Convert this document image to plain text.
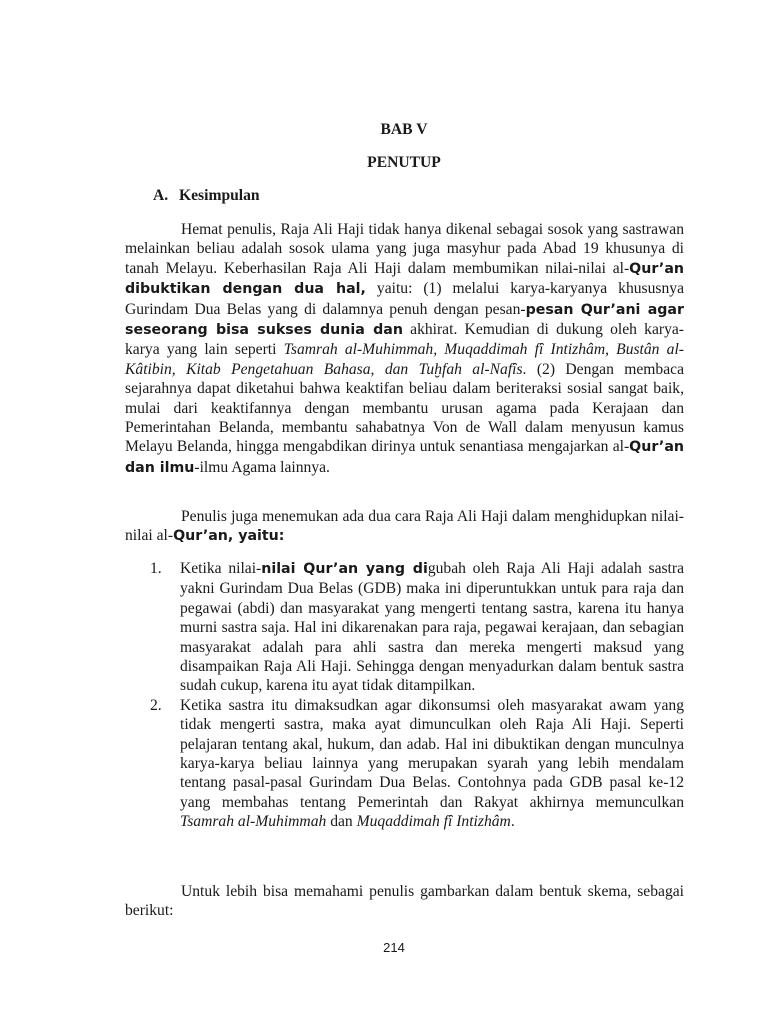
BAB V
PENUTUP
A. Kesimpulan

Hemat penulis, Raja Ali Haji tidak hanya dikenal sebagai sosok yang sastrawan melainkan beliau adalah sosok ulama yang juga masyhur pada Abad 19 khusunya di tanah Melayu. Keberhasilan Raja Ali Haji dalam membumikan nilai-nilai al-Qur’an dibuktikan dengan dua hal, yaitu: (1) melalui karya-karyanya khususnya Gurindam Dua Belas yang di dalamnya penuh dengan pesan-pesan Qur’ani agar seseorang bisa sukses dunia dan akhirat. Kemudian di dukung oleh karya-karya yang lain seperti Tsamrah al-Muhimmah, Muqaddimah fî Intizhâm, Bustân al-Kâtibin, Kitab Pengetahuan Bahasa, dan Tuḫfah al-Nafîs. (2) Dengan membaca sejarahnya dapat diketahui bahwa keaktifan beliau dalam beriteraksi sosial sangat baik, mulai dari keaktifannya dengan membantu urusan agama pada Kerajaan dan Pemerintahan Belanda, membantu sahabatnya Von de Wall dalam menyusun kamus Melayu Belanda, hingga mengabdikan dirinya untuk senantiasa mengajarkan al-Qur’an dan ilmu-ilmu Agama lainnya.

Penulis juga menemukan ada dua cara Raja Ali Haji dalam menghidupkan nilai-nilai al-Qur’an, yaitu:

1. Ketika nilai-nilai Qur’an yang digubah oleh Raja Ali Haji adalah sastra yakni Gurindam Dua Belas (GDB) maka ini diperuntukkan untuk para raja dan pegawai (abdi) dan masyarakat yang mengerti tentang sastra, karena itu hanya murni sastra saja. Hal ini dikarenakan para raja, pegawai kerajaan, dan sebagian masyarakat adalah para ahli sastra dan mereka mengerti maksud yang disampaikan Raja Ali Haji. Sehingga dengan menyadurkan dalam bentuk sastra sudah cukup, karena itu ayat tidak ditampilkan.
2. Ketika sastra itu dimaksudkan agar dikonsumsi oleh masyarakat awam yang tidak mengerti sastra, maka ayat dimunculkan oleh Raja Ali Haji. Seperti pelajaran tentang akal, hukum, dan adab. Hal ini dibuktikan dengan munculnya karya-karya beliau lainnya yang merupakan syarah yang lebih mendalam tentang pasal-pasal Gurindam Dua Belas. Contohnya pada GDB pasal ke-12 yang membahas tentang Pemerintah dan Rakyat akhirnya memunculkan Tsamrah al-Muhimmah dan Muqaddimah fî Intizhâm.

Untuk lebih bisa memahami penulis gambarkan dalam bentuk skema, sebagai berikut:

214
